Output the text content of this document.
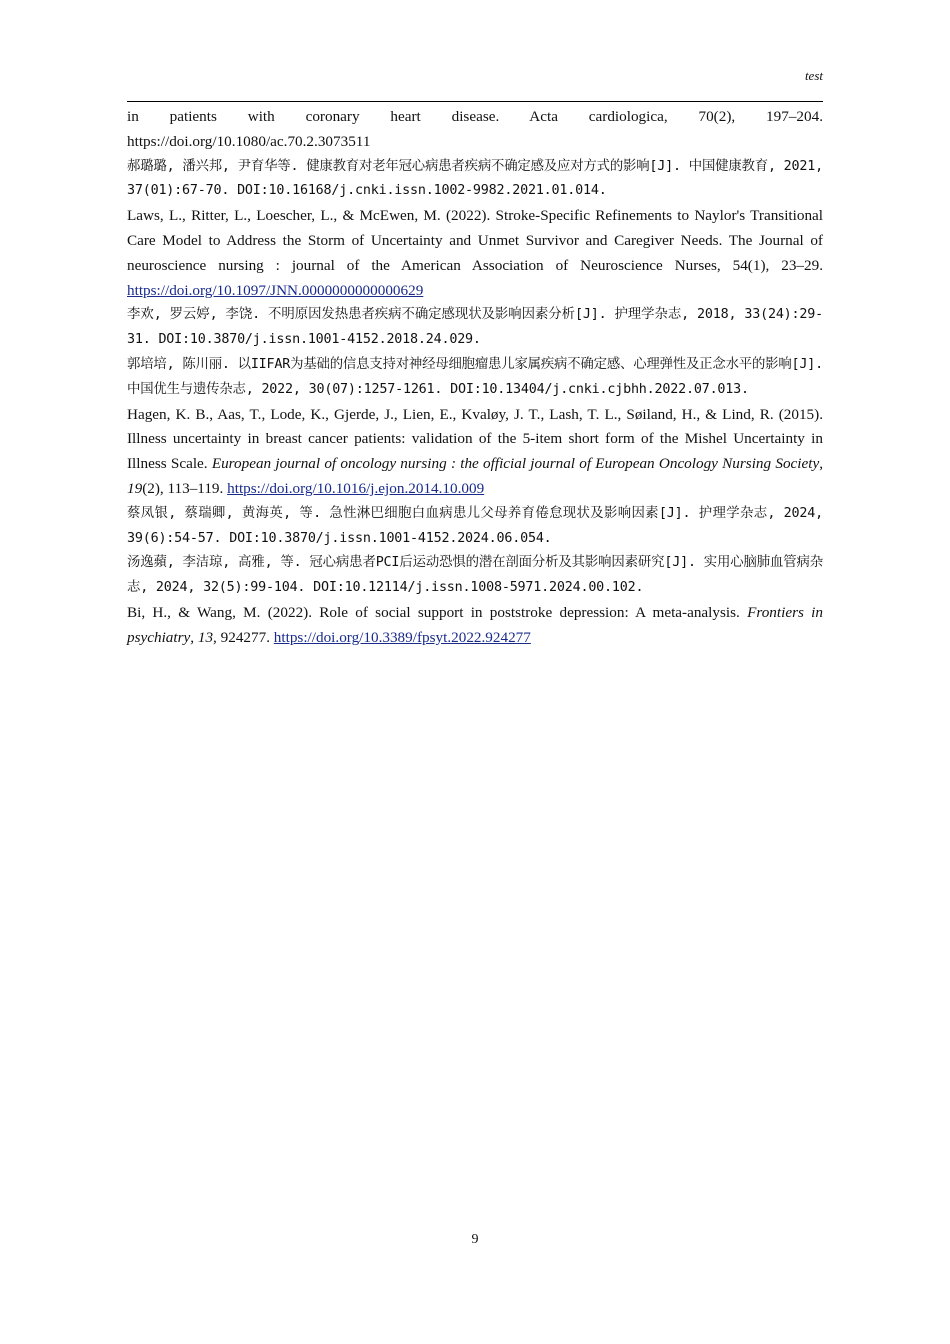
test

in patients with coronary heart disease. Acta cardiologica, 70(2), 197–204. https://doi.org/10.1080/ac.70.2.3073511

郝璐璐, 潘兴邦, 尹育华等. 健康教育对老年冠心病患者疾病不确定感及应对方式的影响[J]. 中国健康教育, 2021, 37(01):67-70. DOI:10.16168/j.cnki.issn.1002-9982.2021.01.014.

Laws, L., Ritter, L., Loescher, L., & McEwen, M. (2022). Stroke-Specific Refinements to Naylor's Transitional Care Model to Address the Storm of Uncertainty and Unmet Survivor and Caregiver Needs. The Journal of neuroscience nursing : journal of the American Association of Neuroscience Nurses, 54(1), 23–29. https://doi.org/10.1097/JNN.0000000000000629

李欢, 罗云婷, 李饶. 不明原因发热患者疾病不确定感现状及影响因素分析[J]. 护理学杂志, 2018, 33(24):29-31. DOI:10.3870/j.issn.1001-4152.2018.24.029.

郭培培, 陈川丽. 以IIFAR为基础的信息支持对神经母细胞瘤患儿家属疾病不确定感、心理弹性及正念水平的影响[J]. 中国优生与遗传杂志, 2022, 30(07):1257-1261. DOI:10.13404/j.cnki.cjbhh.2022.07.013.

Hagen, K. B., Aas, T., Lode, K., Gjerde, J., Lien, E., Kvaløy, J. T., Lash, T. L., Søiland, H., & Lind, R. (2015). Illness uncertainty in breast cancer patients: validation of the 5-item short form of the Mishel Uncertainty in Illness Scale. European journal of oncology nursing : the official journal of European Oncology Nursing Society, 19(2), 113–119. https://doi.org/10.1016/j.ejon.2014.10.009

蔡凤银, 蔡瑞卿, 黄海英, 等. 急性淋巴细胞白血病患儿父母养育倦怠现状及影响因素[J]. 护理学杂志, 2024, 39(6):54-57. DOI:10.3870/j.issn.1001-4152.2024.06.054.

汤逸蘋, 李洁琼, 高雅, 等. 冠心病患者PCI后运动恐惧的潜在剖面分析及其影响因素研究[J]. 实用心脑肺血管病杂志, 2024, 32(5):99-104. DOI:10.12114/j.issn.1008-5971.2024.00.102.

Bi, H., & Wang, M. (2022). Role of social support in poststroke depression: A meta-analysis. Frontiers in psychiatry, 13, 924277. https://doi.org/10.3389/fpsyt.2022.924277

9
